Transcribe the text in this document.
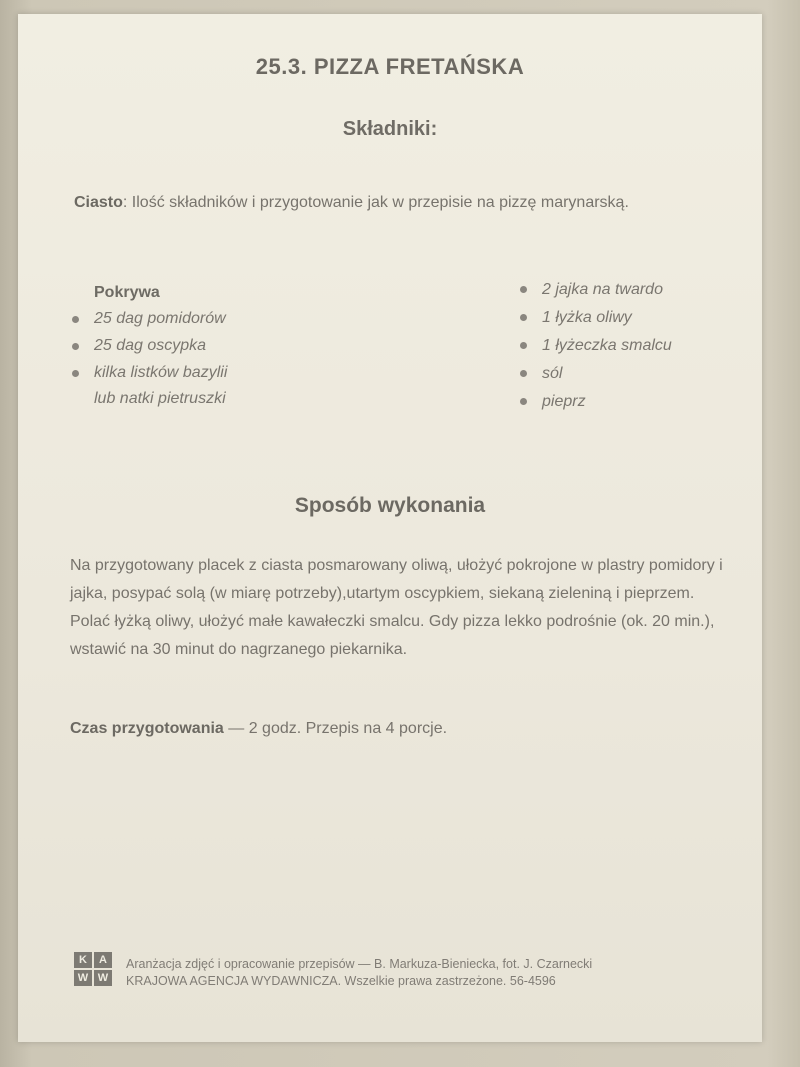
25.3. PIZZA FRETAŃSKA
Składniki:
Ciasto: Ilość składników i przygotowanie jak w przepisie na pizzę marynarską.
Pokrywa
25 dag pomidorów
25 dag oscypka
kilka listków bazylii
lub natki pietruszki
2 jajka na twardo
1 łyżka oliwy
1 łyżeczka smalcu
sól
pieprz
Sposób wykonania
Na przygotowany placek z ciasta posmarowany oliwą, ułożyć pokrojone w plastry pomidory i jajka, posypać solą (w miarę potrzeby),utartym oscypkiem, siekaną zieleniną i pieprzem. Polać łyżką oliwy, ułożyć małe kawałeczki smalcu. Gdy pizza lekko podrośnie (ok. 20 min.), wstawić na 30 minut do nagrzanego piekarnika.
Czas przygotowania — 2 godz. Przepis na 4 porcje.
K	A
W W
Aranżacja zdjęć i opracowanie przepisów — B. Markuza-Bieniecka, fot. J. Czarnecki
KRAJOWA AGENCJA WYDAWNICZA. Wszelkie prawa zastrzeżone. 56-4596
